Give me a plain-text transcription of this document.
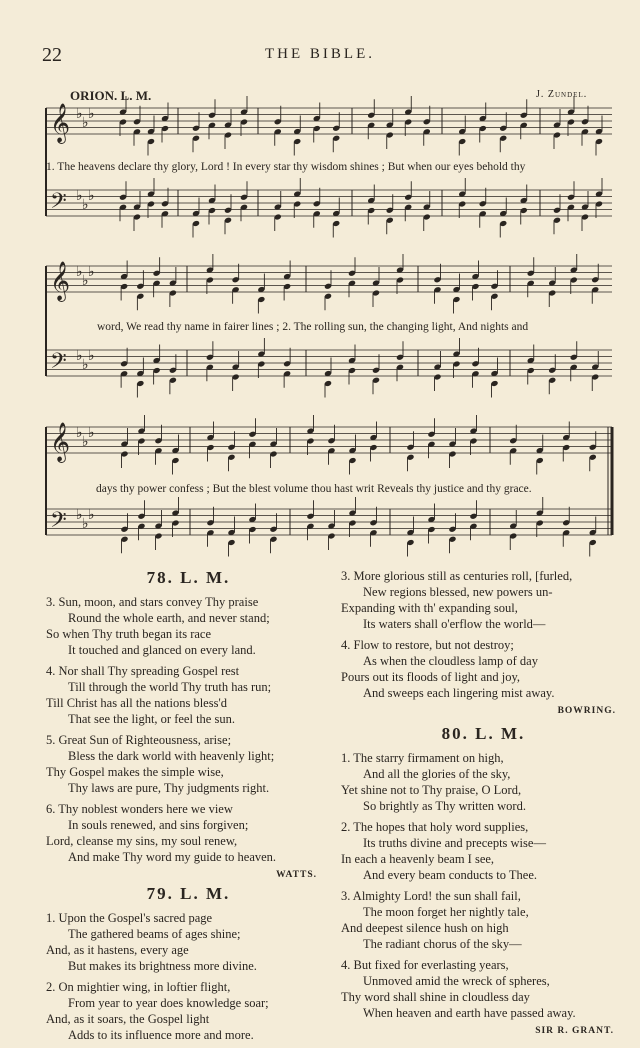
22	THE BIBLE.
ORION. L. M.	J. Zundel.
𝄞 ♭
♭
♭
𝄢 ♭
♭
♭
𝄞 ♭
♭
♭
𝄢 ♭
♭
♭
𝄞 ♭
♭
♭
𝄢 ♭
♭
♭
1. The heavens declare thy glory, Lord ! In every star thy wisdom shines ; But when our eyes behold thy
word, We read thy name in fairer lines ; 2. The rolling sun, the changing light, And nights and
days thy power confess ; But the blest volume thou hast writ Reveals thy justice and thy grace.
78. L. M.
3. Sun, moon, and stars convey Thy praise
Round the whole earth, and never stand;
So when Thy truth began its race
It touched and glanced on every land.
4. Nor shall Thy spreading Gospel rest
Till through the world Thy truth has run;
Till Christ has all the nations bless'd
That see the light, or feel the sun.
5. Great Sun of Righteousness, arise;
Bless the dark world with heavenly light;
Thy Gospel makes the simple wise,
Thy laws are pure, Thy judgments right.
6. Thy noblest wonders here we view
In souls renewed, and sins forgiven;
Lord, cleanse my sins, my soul renew,
And make Thy word my guide to heaven.
WATTS.
79. L. M.
1. Upon the Gospel's sacred page
The gathered beams of ages shine;
And, as it hastens, every age
But makes its brightness more divine.
2. On mightier wing, in loftier flight,
From year to year does knowledge soar;
And, as it soars, the Gospel light
Adds to its influence more and more.
3. More glorious still as centuries roll, [furled,
New regions blessed, new powers un-
Expanding with th' expanding soul,
Its waters shall o'erflow the world—
4. Flow to restore, but not destroy;
As when the cloudless lamp of day
Pours out its floods of light and joy,
And sweeps each lingering mist away.
BOWRING.
80. L. M.
1. The starry firmament on high,
And all the glories of the sky,
Yet shine not to Thy praise, O Lord,
So brightly as Thy written word.
2. The hopes that holy word supplies,
Its truths divine and precepts wise—
In each a heavenly beam I see,
And every beam conducts to Thee.
3. Almighty Lord! the sun shall fail,
The moon forget her nightly tale,
And deepest silence hush on high
The radiant chorus of the sky—
4. But fixed for everlasting years,
Unmoved amid the wreck of spheres,
Thy word shall shine in cloudless day
When heaven and earth have passed away.
SIR R. GRANT.
